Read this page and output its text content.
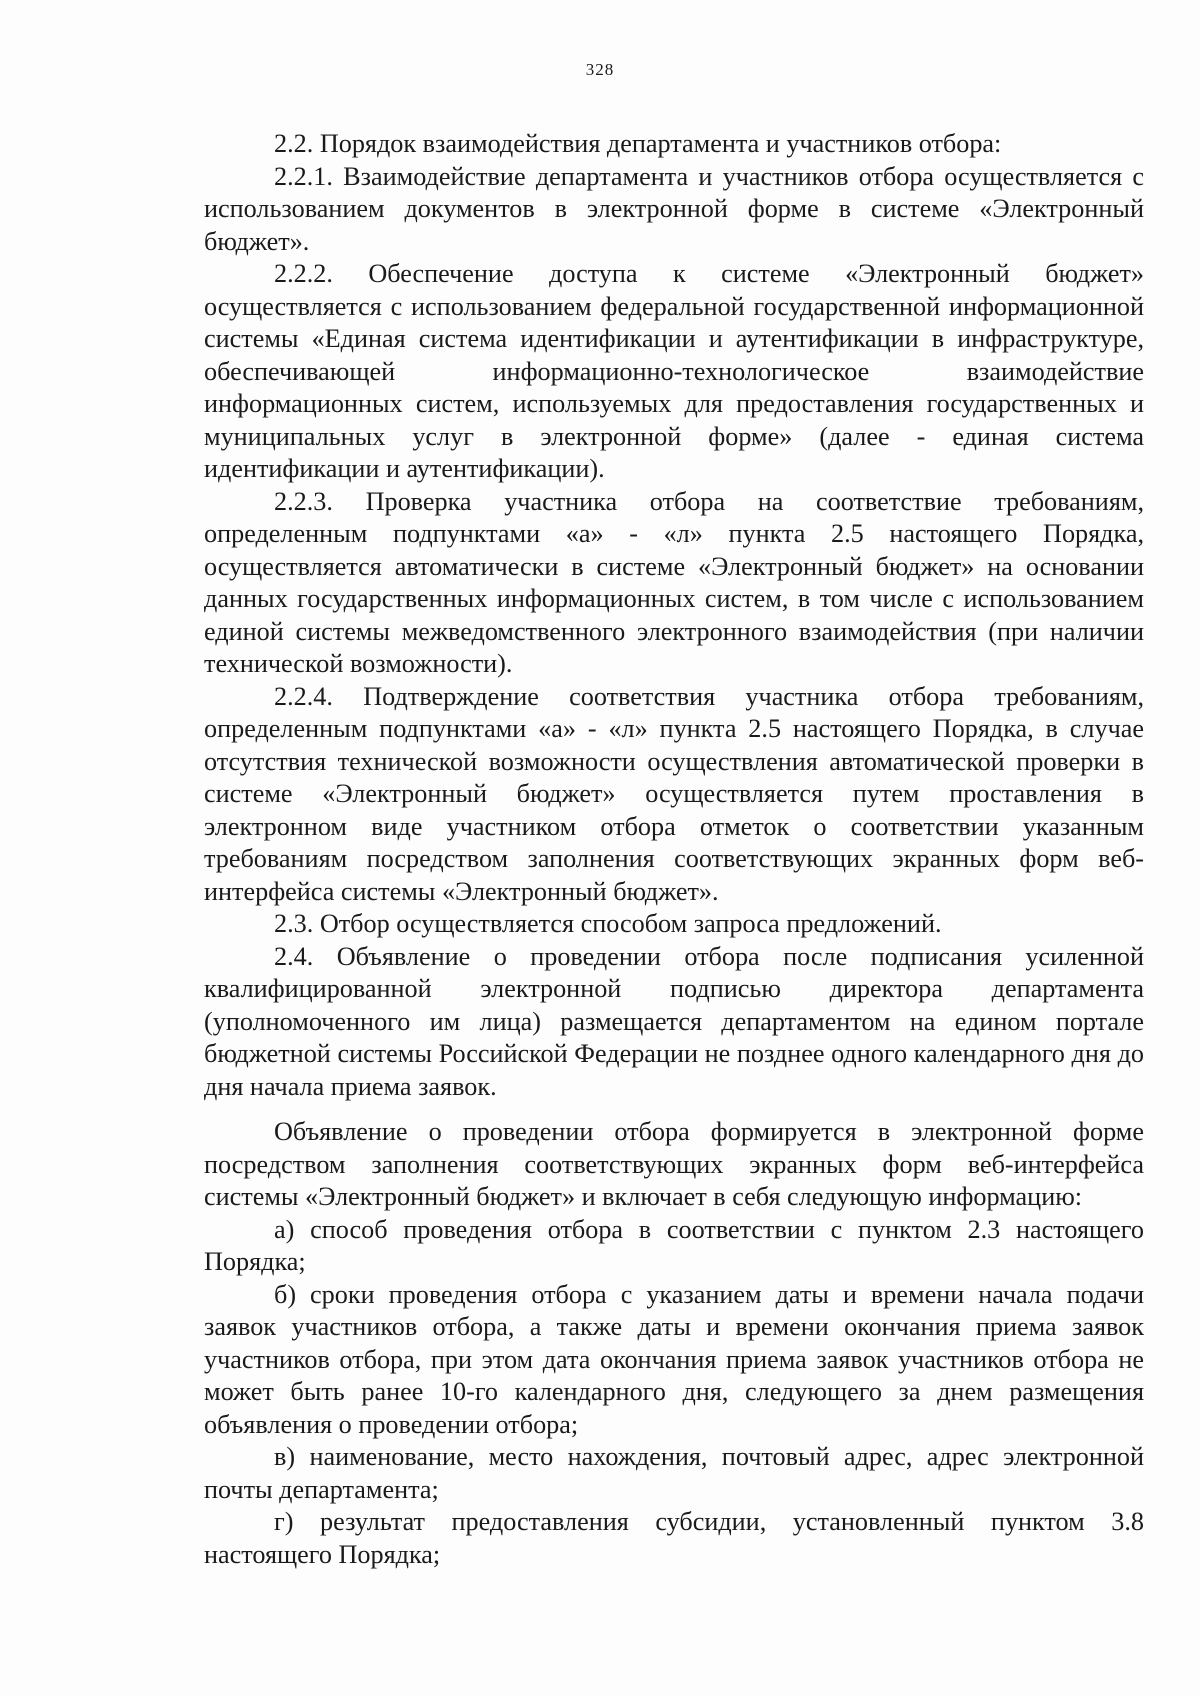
328

2.2. Порядок взаимодействия департамента и участников отбора:

2.2.1. Взаимодействие департамента и участников отбора осуществляется с использованием документов в электронной форме в системе «Электронный бюджет».

2.2.2. Обеспечение доступа к системе «Электронный бюджет» осуществляется с использованием федеральной государственной информационной системы «Единая система идентификации и аутентификации в инфраструктуре, обеспечивающей информационно-технологическое взаимодействие информационных систем, используемых для предоставления государственных и муниципальных услуг в электронной форме» (далее - единая система идентификации и аутентификации).

2.2.3. Проверка участника отбора на соответствие требованиям, определенным подпунктами «а» - «л» пункта 2.5 настоящего Порядка, осуществляется автоматически в системе «Электронный бюджет» на основании данных государственных информационных систем, в том числе с использованием единой системы межведомственного электронного взаимодействия (при наличии технической возможности).

2.2.4. Подтверждение соответствия участника отбора требованиям, определенным подпунктами «а» - «л» пункта 2.5 настоящего Порядка, в случае отсутствия технической возможности осуществления автоматической проверки в системе «Электронный бюджет» осуществляется путем проставления в электронном виде участником отбора отметок о соответствии указанным требованиям посредством заполнения соответствующих экранных форм веб-интерфейса системы «Электронный бюджет».

2.3. Отбор осуществляется способом запроса предложений.

2.4. Объявление о проведении отбора после подписания усиленной квалифицированной электронной подписью директора департамента (уполномоченного им лица) размещается департаментом на едином портале бюджетной системы Российской Федерации не позднее одного календарного дня до дня начала приема заявок.

Объявление о проведении отбора формируется в электронной форме посредством заполнения соответствующих экранных форм веб-интерфейса системы «Электронный бюджет» и включает в себя следующую информацию:

а) способ проведения отбора в соответствии с пунктом 2.3 настоящего Порядка;

б) сроки проведения отбора с указанием даты и времени начала подачи заявок участников отбора, а также даты и времени окончания приема заявок участников отбора, при этом дата окончания приема заявок участников отбора не может быть ранее 10-го календарного дня, следующего за днем размещения объявления о проведении отбора;

в) наименование, место нахождения, почтовый адрес, адрес электронной почты департамента;

г) результат предоставления субсидии, установленный пунктом 3.8 настоящего Порядка;
